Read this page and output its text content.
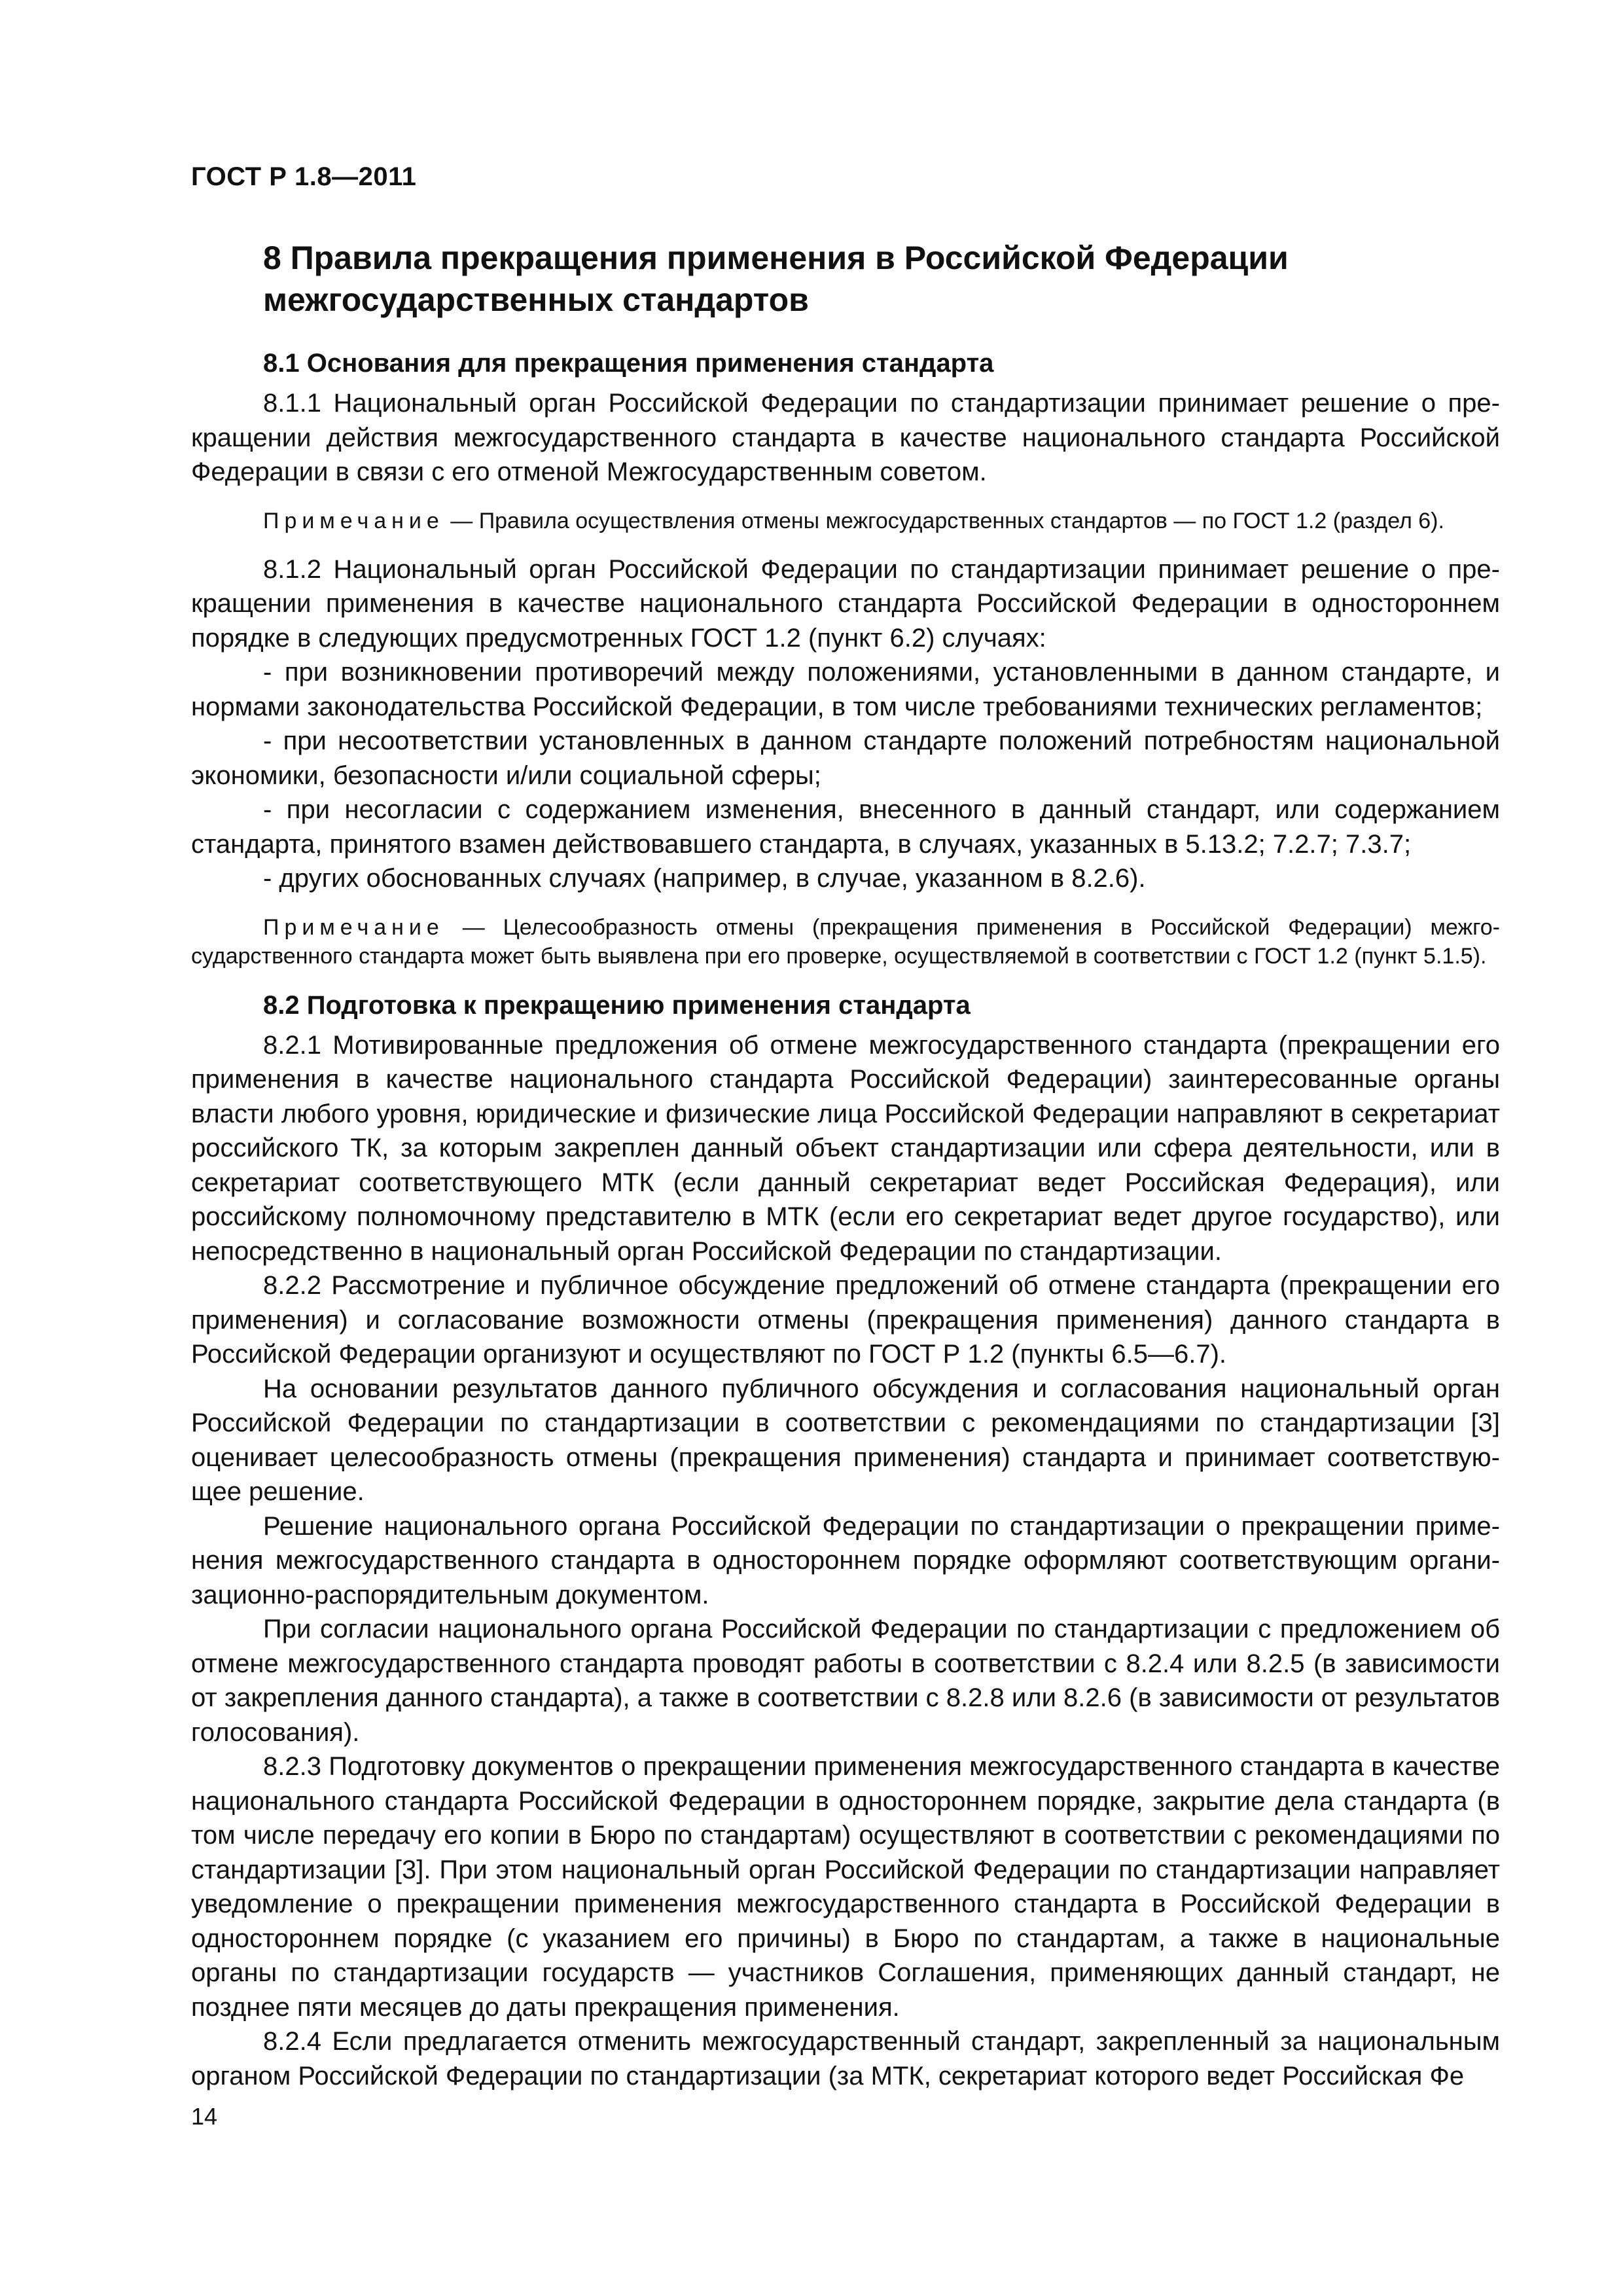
ГОСТ Р 1.8—2011
8 Правила прекращения применения в Российской Федерации
межгосударственных стандартов
8.1 Основания для прекращения применения стандарта

8.1.1 Национальный орган Российской Федерации по стандартизации принимает решение о прекращении действия межгосударственного стандарта в качестве национального стандарта Российской Федерации в связи с его отменой Межгосударственным советом.

Примечание — Правила осуществления отмены межгосударственных стандартов — по ГОСТ 1.2 (раздел 6).

8.1.2 Национальный орган Российской Федерации по стандартизации принимает решение о прекращении применения в качестве национального стандарта Российской Федерации в одностороннем порядке в следующих предусмотренных ГОСТ 1.2 (пункт 6.2) случаях:

- при возникновении противоречий между положениями, установленными в данном стандарте, и нормами законодательства Российской Федерации, в том числе требованиями технических регламентов;

- при несоответствии установленных в данном стандарте положений потребностям национальной экономики, безопасности и/или социальной сферы;

- при несогласии с содержанием изменения, внесенного в данный стандарт, или содержанием стандарта, принятого взамен действовавшего стандарта, в случаях, указанных в 5.13.2; 7.2.7; 7.3.7;

- других обоснованных случаях (например, в случае, указанном в 8.2.6).

Примечание — Целесообразность отмены (прекращения применения в Российской Федерации) межгосударственного стандарта может быть выявлена при его проверке, осуществляемой в соответствии с ГОСТ 1.2 (пункт 5.1.5).

8.2 Подготовка к прекращению применения стандарта

8.2.1 Мотивированные предложения об отмене межгосударственного стандарта (прекращении его применения в качестве национального стандарта Российской Федерации) заинтересованные органы власти любого уровня, юридические и физические лица Российской Федерации направляют в секретариат российского ТК, за которым закреплен данный объект стандартизации или сфера деятельности, или в секретариат соответствующего МТК (если данный секретариат ведет Российская Федерация), или российскому полномочному представителю в МТК (если его секретариат ведет другое государство), или непосредственно в национальный орган Российской Федерации по стандартизации.

8.2.2 Рассмотрение и публичное обсуждение предложений об отмене стандарта (прекращении его применения) и согласование возможности отмены (прекращения применения) данного стандарта в Российской Федерации организуют и осуществляют по ГОСТ Р 1.2 (пункты 6.5—6.7).

На основании результатов данного публичного обсуждения и согласования национальный орган Российской Федерации по стандартизации в соответствии с рекомендациями по стандартизации [3] оценивает целесообразность отмены (прекращения применения) стандарта и принимает соответствующее решение.

Решение национального органа Российской Федерации по стандартизации о прекращении применения межгосударственного стандарта в одностороннем порядке оформляют соответствующим организационно-распорядительным документом.

При согласии национального органа Российской Федерации по стандартизации с предложением об отмене межгосударственного стандарта проводят работы в соответствии с 8.2.4 или 8.2.5 (в зависимости от закрепления данного стандарта), а также в соответствии с 8.2.8 или 8.2.6 (в зависимости от результатов голосования).

8.2.3 Подготовку документов о прекращении применения межгосударственного стандарта в качестве национального стандарта Российской Федерации в одностороннем порядке, закрытие дела стандарта (в том числе передачу его копии в Бюро по стандартам) осуществляют в соответствии с рекомендациями по стандартизации [3]. При этом национальный орган Российской Федерации по стандартизации направляет уведомление о прекращении применения межгосударственного стандарта в Российской Федерации в одностороннем порядке (с указанием его причины) в Бюро по стандартам, а также в национальные органы по стандартизации государств — участников Соглашения, применяющих данный стандарт, не позднее пяти месяцев до даты прекращения применения.

8.2.4 Если предлагается отменить межгосударственный стандарт, закрепленный за национальным органом Российской Федерации по стандартизации (за МТК, секретариат которого ведет Российская Фе

14
